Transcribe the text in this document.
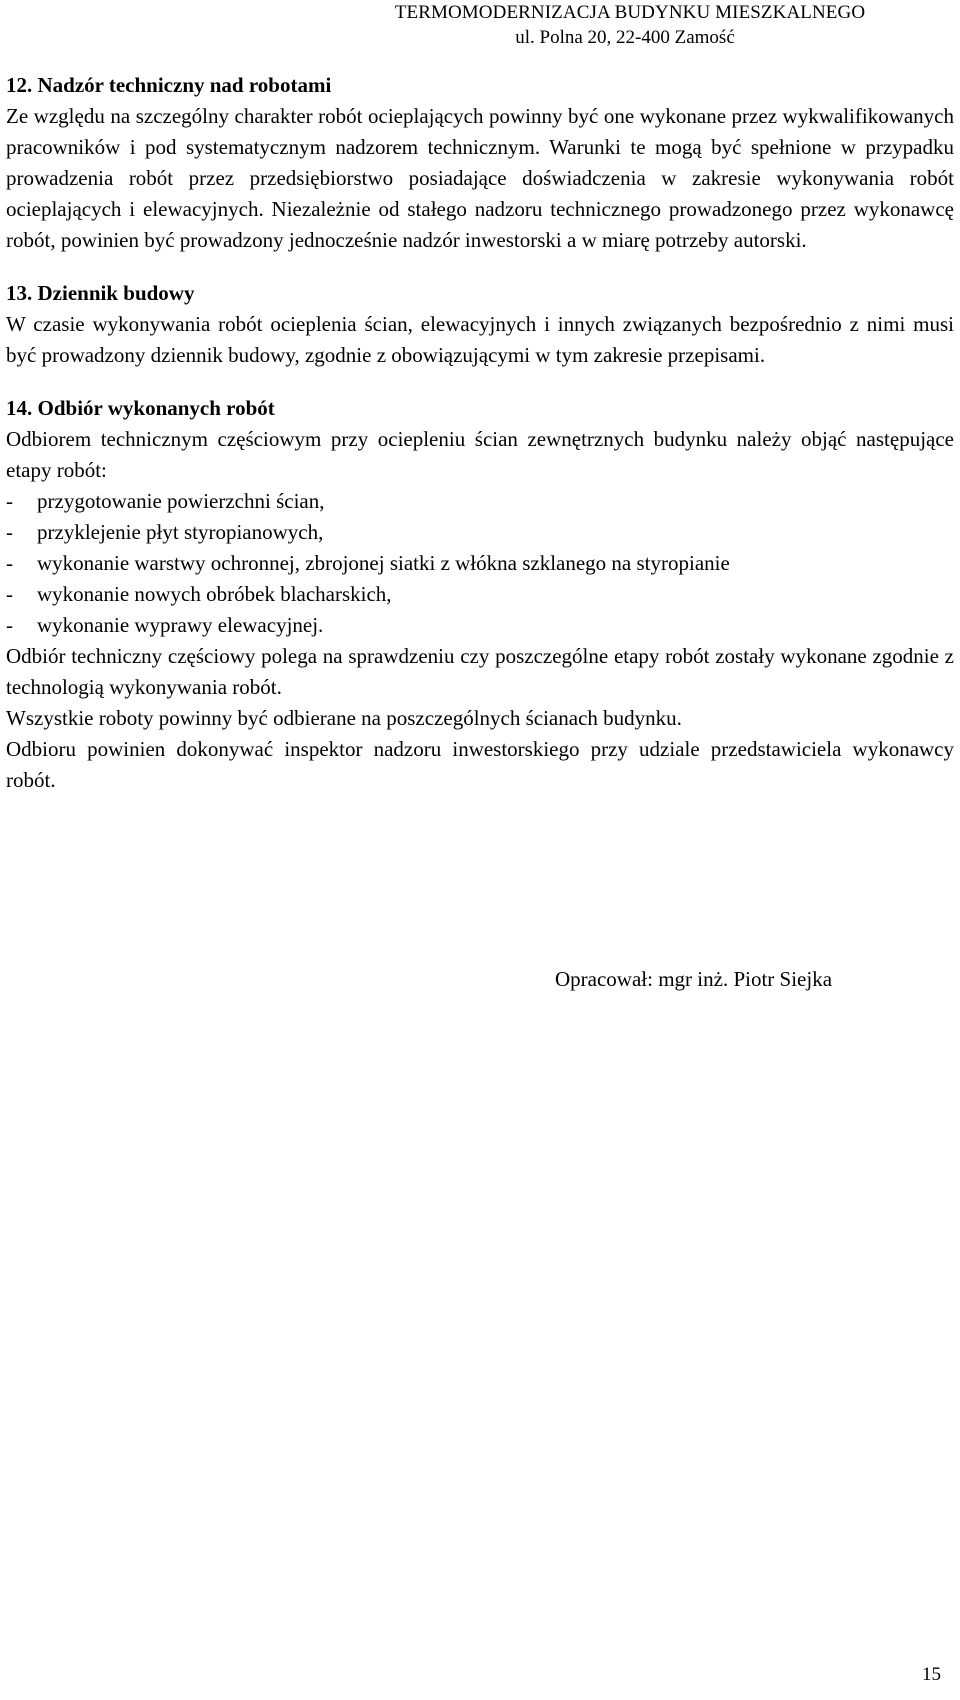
TERMOMODERNIZACJA BUDYNKU MIESZKALNEGO
ul. Polna 20, 22-400 Zamość
12. Nadzór techniczny nad robotami

Ze względu na szczególny charakter robót ocieplających powinny być one wykonane przez wykwalifikowanych pracowników i pod systematycznym nadzorem technicznym. Warunki te mogą być spełnione w przypadku prowadzenia robót przez przedsiębiorstwo posiadające doświadczenia w zakresie wykonywania robót ocieplających i elewacyjnych. Niezależnie od stałego nadzoru technicznego prowadzonego przez wykonawcę robót, powinien być prowadzony jednocześnie nadzór inwestorski a w miarę potrzeby autorski.

13. Dziennik budowy

W czasie wykonywania robót ocieplenia ścian, elewacyjnych i innych związanych bezpośrednio z nimi musi być prowadzony dziennik budowy, zgodnie z obowiązującymi w tym zakresie przepisami.

14. Odbiór wykonanych robót

Odbiorem technicznym częściowym przy ociepleniu ścian zewnętrznych budynku należy objąć następujące etapy robót:

-	przygotowanie powierzchni ścian,
-	przyklejenie płyt styropianowych,
-	wykonanie warstwy ochronnej, zbrojonej siatki z włókna szklanego na styropianie
-	wykonanie nowych obróbek blacharskich,
-	wykonanie wyprawy elewacyjnej.

Odbiór techniczny częściowy polega na sprawdzeniu czy poszczególne etapy robót zostały wykonane zgodnie z technologią wykonywania robót.

Wszystkie roboty powinny być odbierane na poszczególnych ścianach budynku.

Odbioru powinien dokonywać inspektor nadzoru inwestorskiego przy udziale przedstawiciela wykonawcy robót.

Opracował: mgr inż. Piotr Siejka
15
